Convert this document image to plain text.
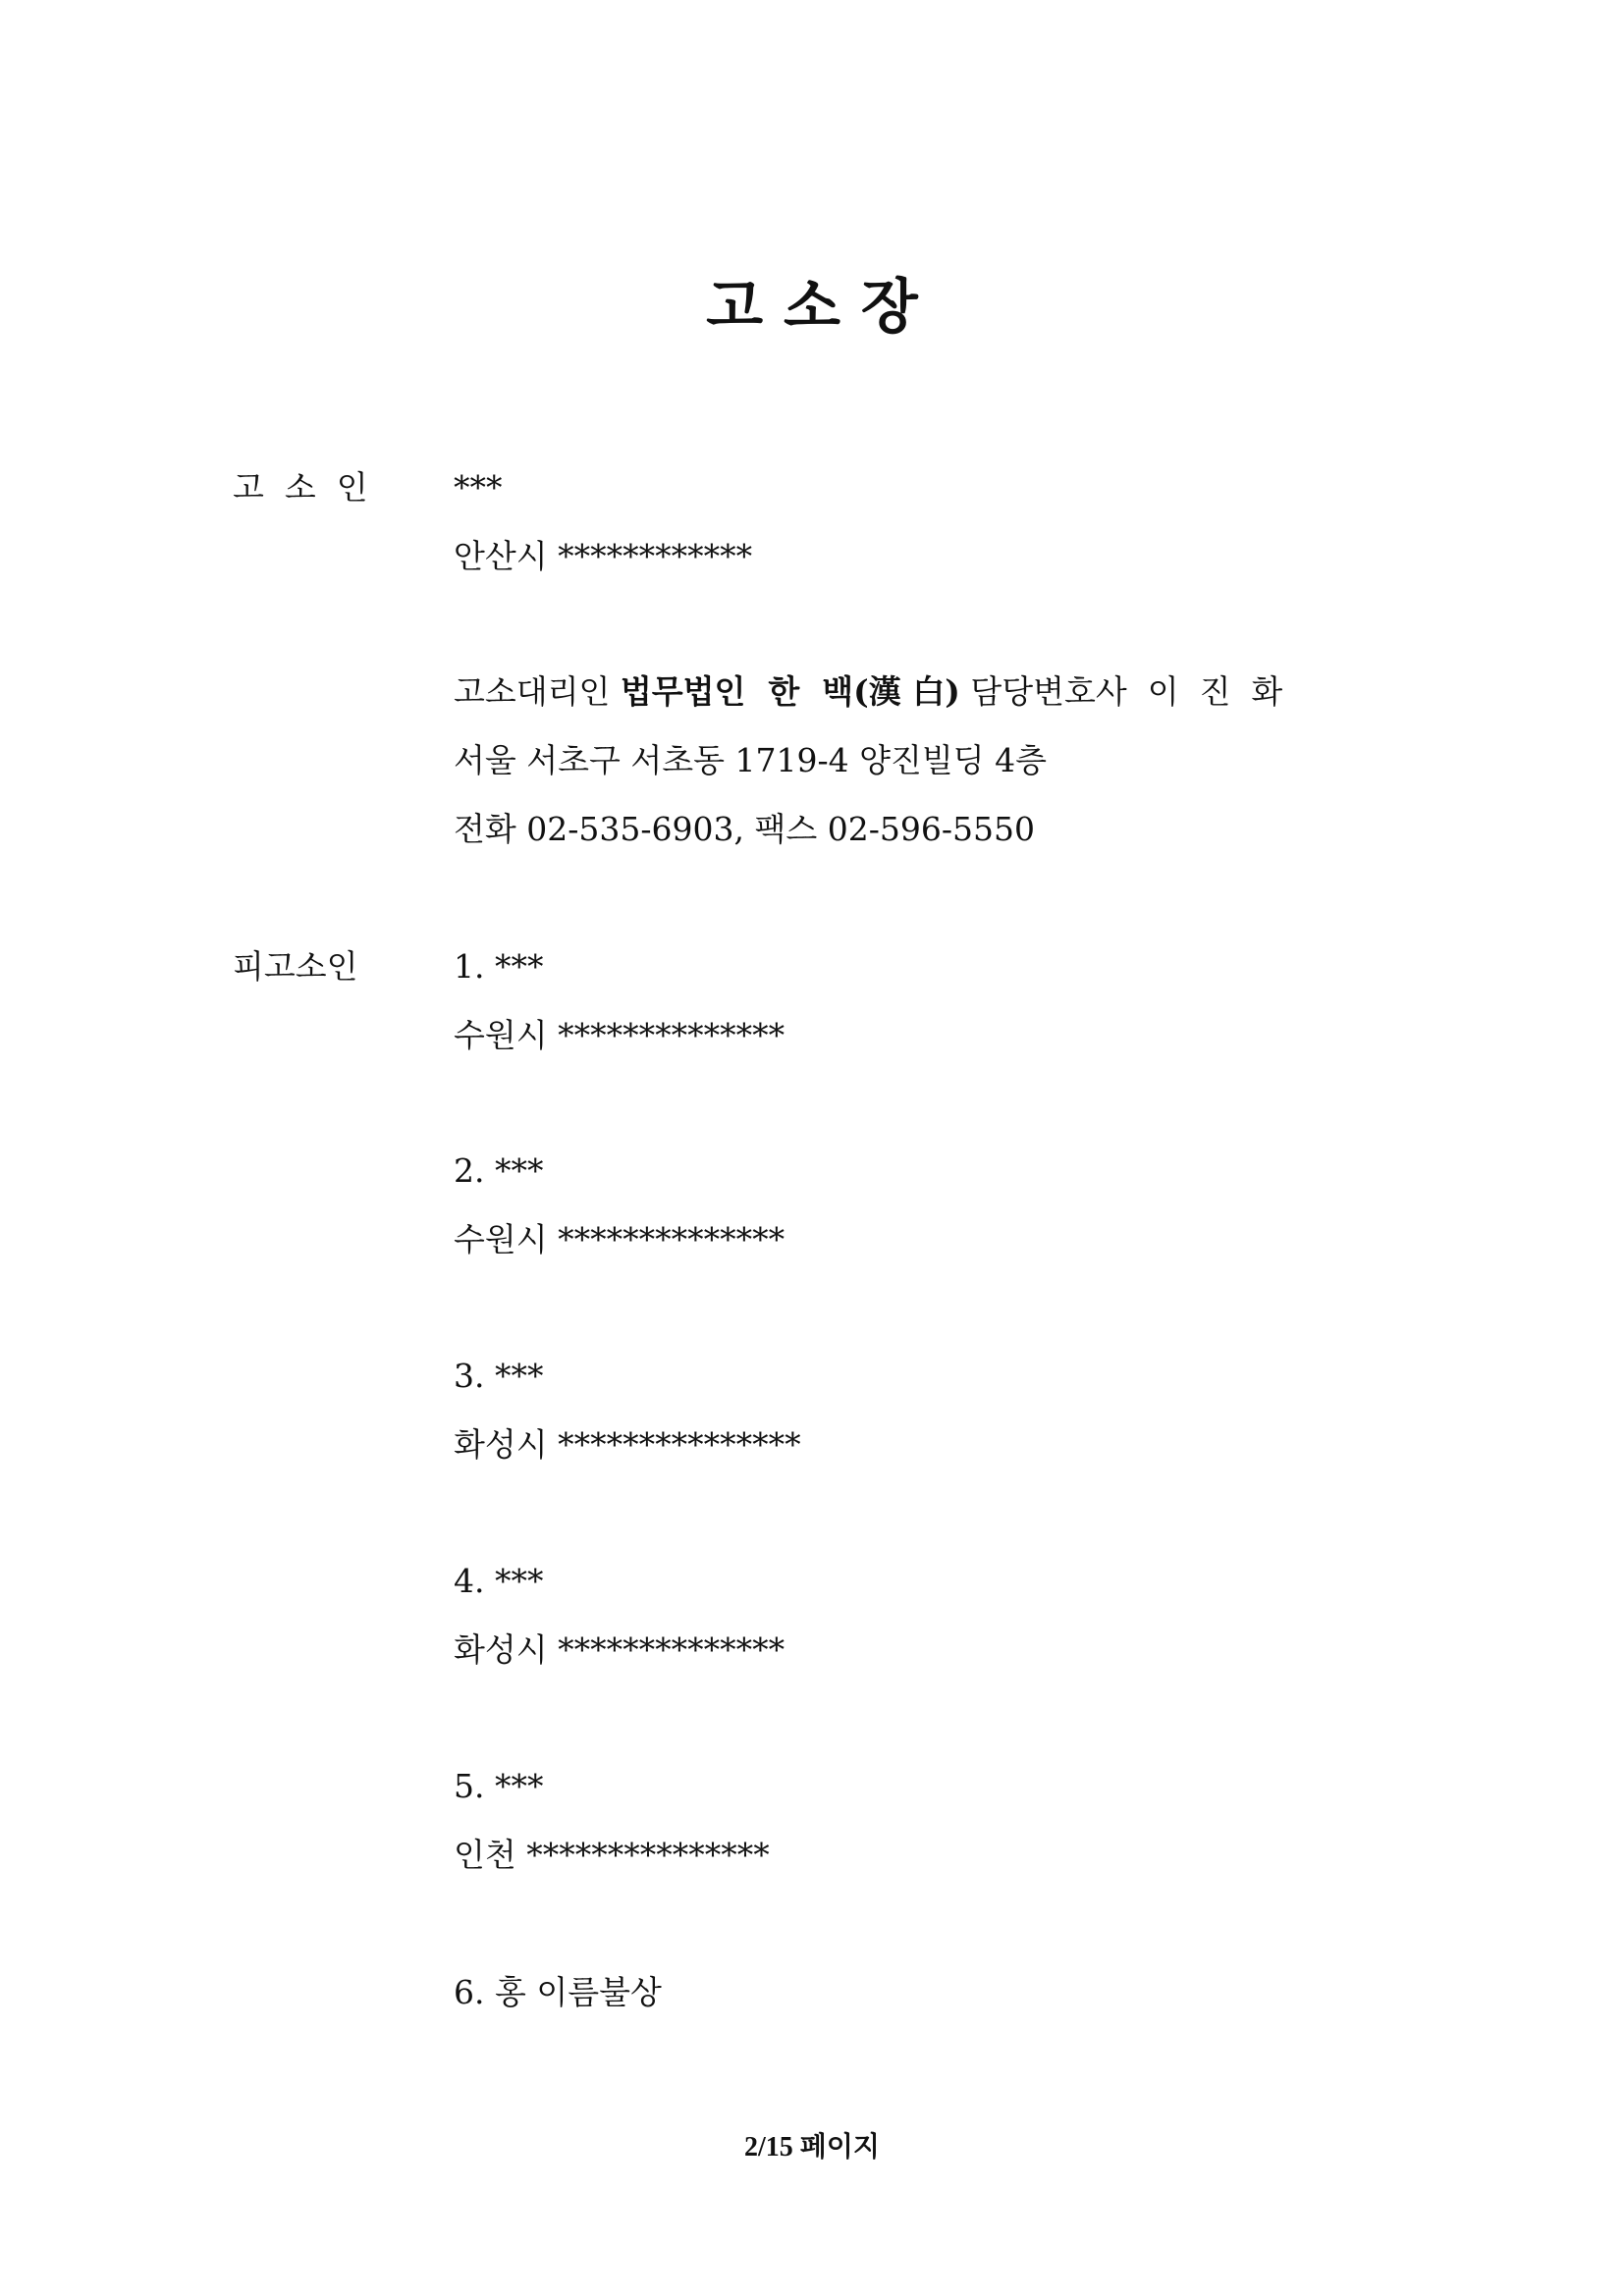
고 소 장
고  소  인	***
안산시 ************
고소대리인 법무법인  한  백(漢 白) 담당변호사  이  진  화
서울 서초구 서초동 1719-4 양진빌딩 4층
전화 02-535-6903, 팩스 02-596-5550
피고소인	1. ***
수원시 **************
2. ***
수원시 **************
3. ***
화성시 ***************
4. ***
화성시 **************
5. ***
인천 ***************
6. 홍 이름불상
2/15 페이지
